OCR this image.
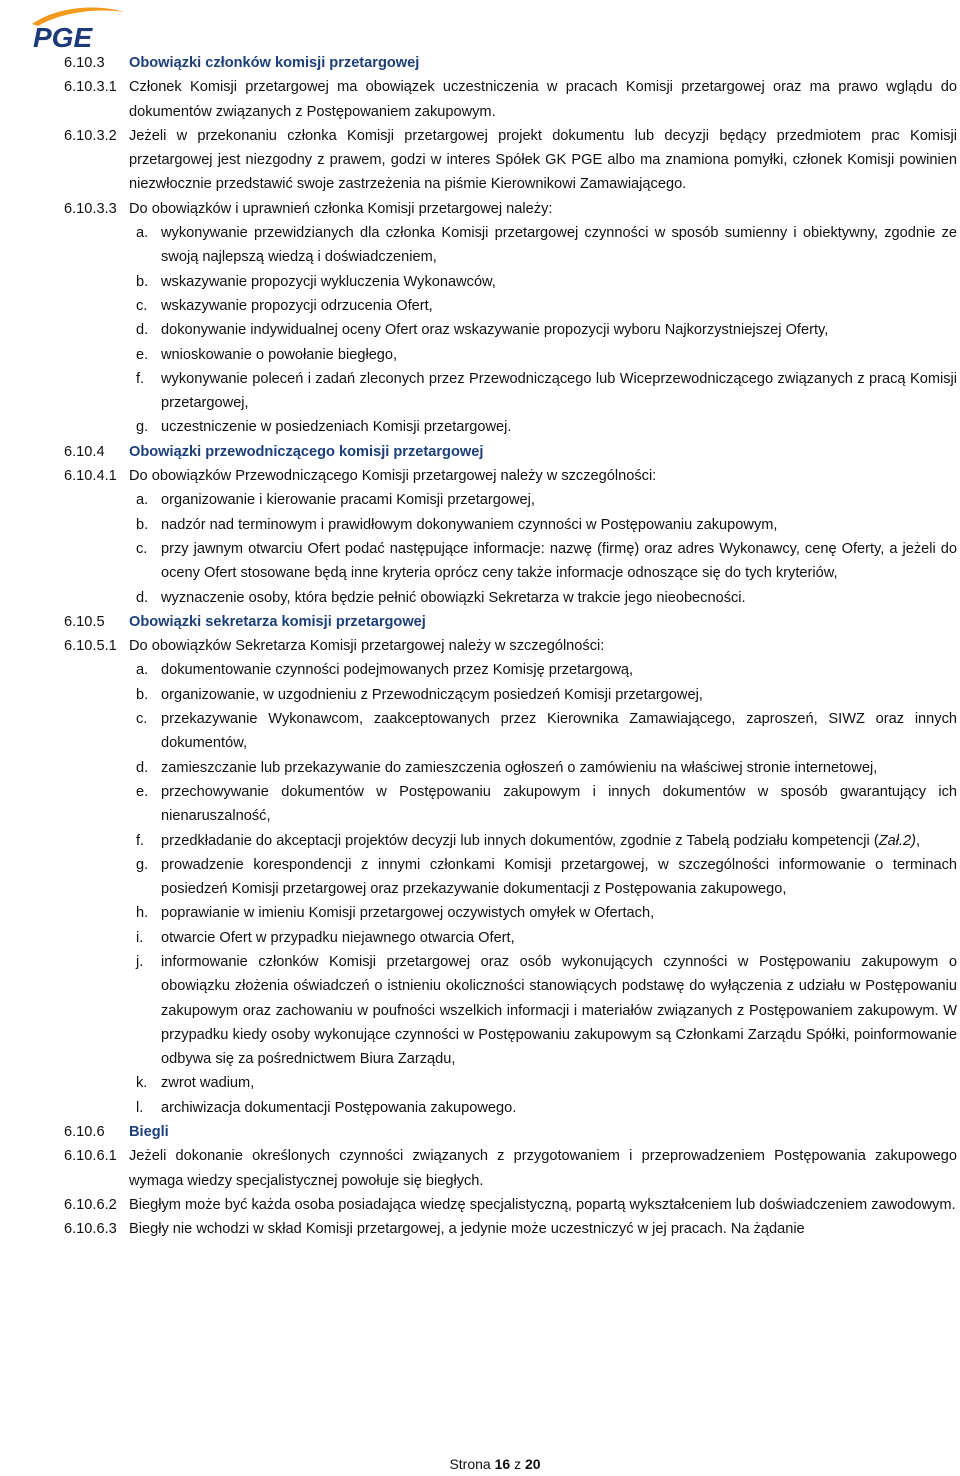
PGE
6.10.3	Obowiązki członków komisji przetargowej
6.10.3.1 Członek Komisji przetargowej ma obowiązek uczestniczenia w pracach Komisji przetargowej oraz ma prawo wglądu do dokumentów związanych z Postępowaniem zakupowym.
6.10.3.2 Jeżeli w przekonaniu członka Komisji przetargowej projekt dokumentu lub decyzji będący przedmiotem prac Komisji przetargowej jest niezgodny z prawem, godzi w interes Spółek GK PGE albo ma znamiona pomyłki, członek Komisji powinien niezwłocznie przedstawić swoje zastrzeżenia na piśmie Kierownikowi Zamawiającego.
6.10.3.3 Do obowiązków i uprawnień członka Komisji przetargowej należy:
a. wykonywanie przewidzianych dla członka Komisji przetargowej czynności w sposób sumienny i obiektywny, zgodnie ze swoją najlepszą wiedzą i doświadczeniem,
b. wskazywanie propozycji wykluczenia Wykonawców,
c. wskazywanie propozycji odrzucenia Ofert,
d. dokonywanie indywidualnej oceny Ofert oraz wskazywanie propozycji wyboru Najkorzystniejszej Oferty,
e. wnioskowanie o powołanie biegłego,
f.	wykonywanie poleceń i zadań zleconych przez Przewodniczącego lub Wiceprzewodniczącego związanych z pracą Komisji przetargowej,
g. uczestniczenie w posiedzeniach Komisji przetargowej.
6.10.4	Obowiązki przewodniczącego komisji przetargowej
6.10.4.1 Do obowiązków Przewodniczącego Komisji przetargowej należy w szczególności:
a. organizowanie i kierowanie pracami Komisji przetargowej,
b. nadzór nad terminowym i prawidłowym dokonywaniem czynności w Postępowaniu zakupowym,
c. przy jawnym otwarciu Ofert podać następujące informacje: nazwę (firmę) oraz adres Wykonawcy, cenę Oferty, a jeżeli do oceny Ofert stosowane będą inne kryteria oprócz ceny także informacje odnoszące się do tych kryteriów,
d. wyznaczenie osoby, która będzie pełnić obowiązki Sekretarza w trakcie jego nieobecności.
6.10.5	Obowiązki sekretarza komisji przetargowej
6.10.5.1 Do obowiązków Sekretarza Komisji przetargowej należy w szczególności:
a. dokumentowanie czynności podejmowanych przez Komisję przetargową,
b. organizowanie, w uzgodnieniu z Przewodniczącym posiedzeń Komisji przetargowej,
c. przekazywanie Wykonawcom, zaakceptowanych przez Kierownika Zamawiającego, zaproszeń, SIWZ oraz innych dokumentów,
d. zamieszczanie lub przekazywanie do zamieszczenia ogłoszeń o zamówieniu na właściwej stronie internetowej,
e. przechowywanie dokumentów w Postępowaniu zakupowym i innych dokumentów w sposób gwarantujący ich nienaruszalność,
f.	przedkładanie do akceptacji projektów decyzji lub innych dokumentów, zgodnie z Tabelą podziału kompetencji (Zał.2),
g. prowadzenie korespondencji z innymi członkami Komisji przetargowej, w szczególności informowanie o terminach posiedzeń Komisji przetargowej oraz przekazywanie dokumentacji z Postępowania zakupowego,
h. poprawianie w imieniu Komisji przetargowej oczywistych omyłek w Ofertach,
i.	otwarcie Ofert w przypadku niejawnego otwarcia Ofert,
j.	informowanie członków Komisji przetargowej oraz osób wykonujących czynności w Postępowaniu zakupowym o obowiązku złożenia oświadczeń o istnieniu okoliczności stanowiących podstawę do wyłączenia z udziału w Postępowaniu zakupowym oraz zachowaniu w poufności wszelkich informacji i materiałów związanych z Postępowaniem zakupowym. W przypadku kiedy osoby wykonujące czynności w Postępowaniu zakupowym są Członkami Zarządu Spółki, poinformowanie odbywa się za pośrednictwem Biura Zarządu,
k. zwrot wadium,
l.	archiwizacja dokumentacji Postępowania zakupowego.
6.10.6	Biegli
6.10.6.1 Jeżeli dokonanie określonych czynności związanych z przygotowaniem i przeprowadzeniem Postępowania zakupowego wymaga wiedzy specjalistycznej powołuje się biegłych.
6.10.6.2 Biegłym może być każda osoba posiadająca wiedzę specjalistyczną, popartą wykształceniem lub doświadczeniem zawodowym.
6.10.6.3 Biegły nie wchodzi w skład Komisji przetargowej, a jedynie może uczestniczyć w jej pracach. Na żądanie
Strona 16 z 20
